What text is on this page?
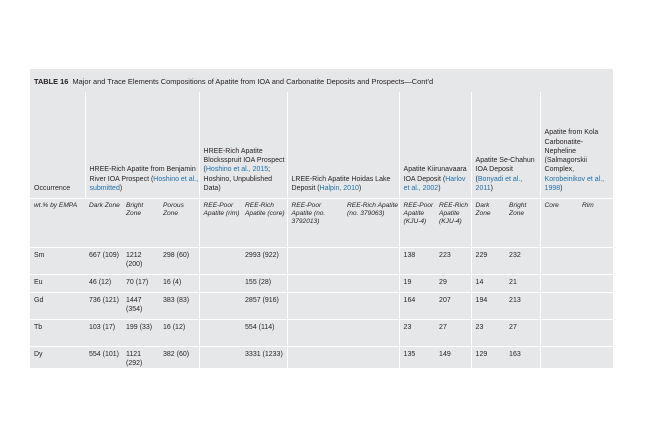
TABLE 16 Major and Trace Elements Compositions of Apatite from IOA and Carbonatite Deposits and Prospects—Cont’d
Occurrence	HREE-Rich Apatite from Benjamin River IOA Prospect (Hoshino et al., submitted)			HREE-Rich Apatite Blocksspruit IOA Prospect (Hoshino et al., 2015; Hoshino, Unpublished Data)		LREE-Rich Apatite Hoidas Lake Deposit (Halpin, 2010)		Apatite Kiirunavaara IOA Deposit (Harlov et al., 2002)		Apatite Se-Chahun IOA Deposit (Bonyadi et al., 2011)		Apatite from Kola Carbonatite-Nepheline (Salmagorskii Complex, Korobeinikov et al., 1998)	
wt.% by EMPA	Dark Zone	Bright Zone	Porous Zone	REE-Poor Apatite (rim)	REE-Rich Apatite (core)	REE-Poor Apatite (no. 3792013)	REE-Rich Apatite (no. 379063)	REE-Poor Apatite (KJU-4)	REE-Rich Apatite (KJU-4)	Dark Zone	Bright Zone	Core	Rim
Sm	667 (109)	1212 (200)	298 (60)		2993 (922)			138	223	229	232		
Eu	46 (12)	70 (17)	16 (4)		155 (28)			19	29	14	21		
Gd	736 (121)	1447 (354)	383 (83)		2857 (916)			164	207	194	213		
Tb	103 (17)	199 (33)	16 (12)		554 (114)			23	27	23	27		
Dy	554 (101)	1121 (292)	382 (60)		3331 (1233)			135	149	129	163		
